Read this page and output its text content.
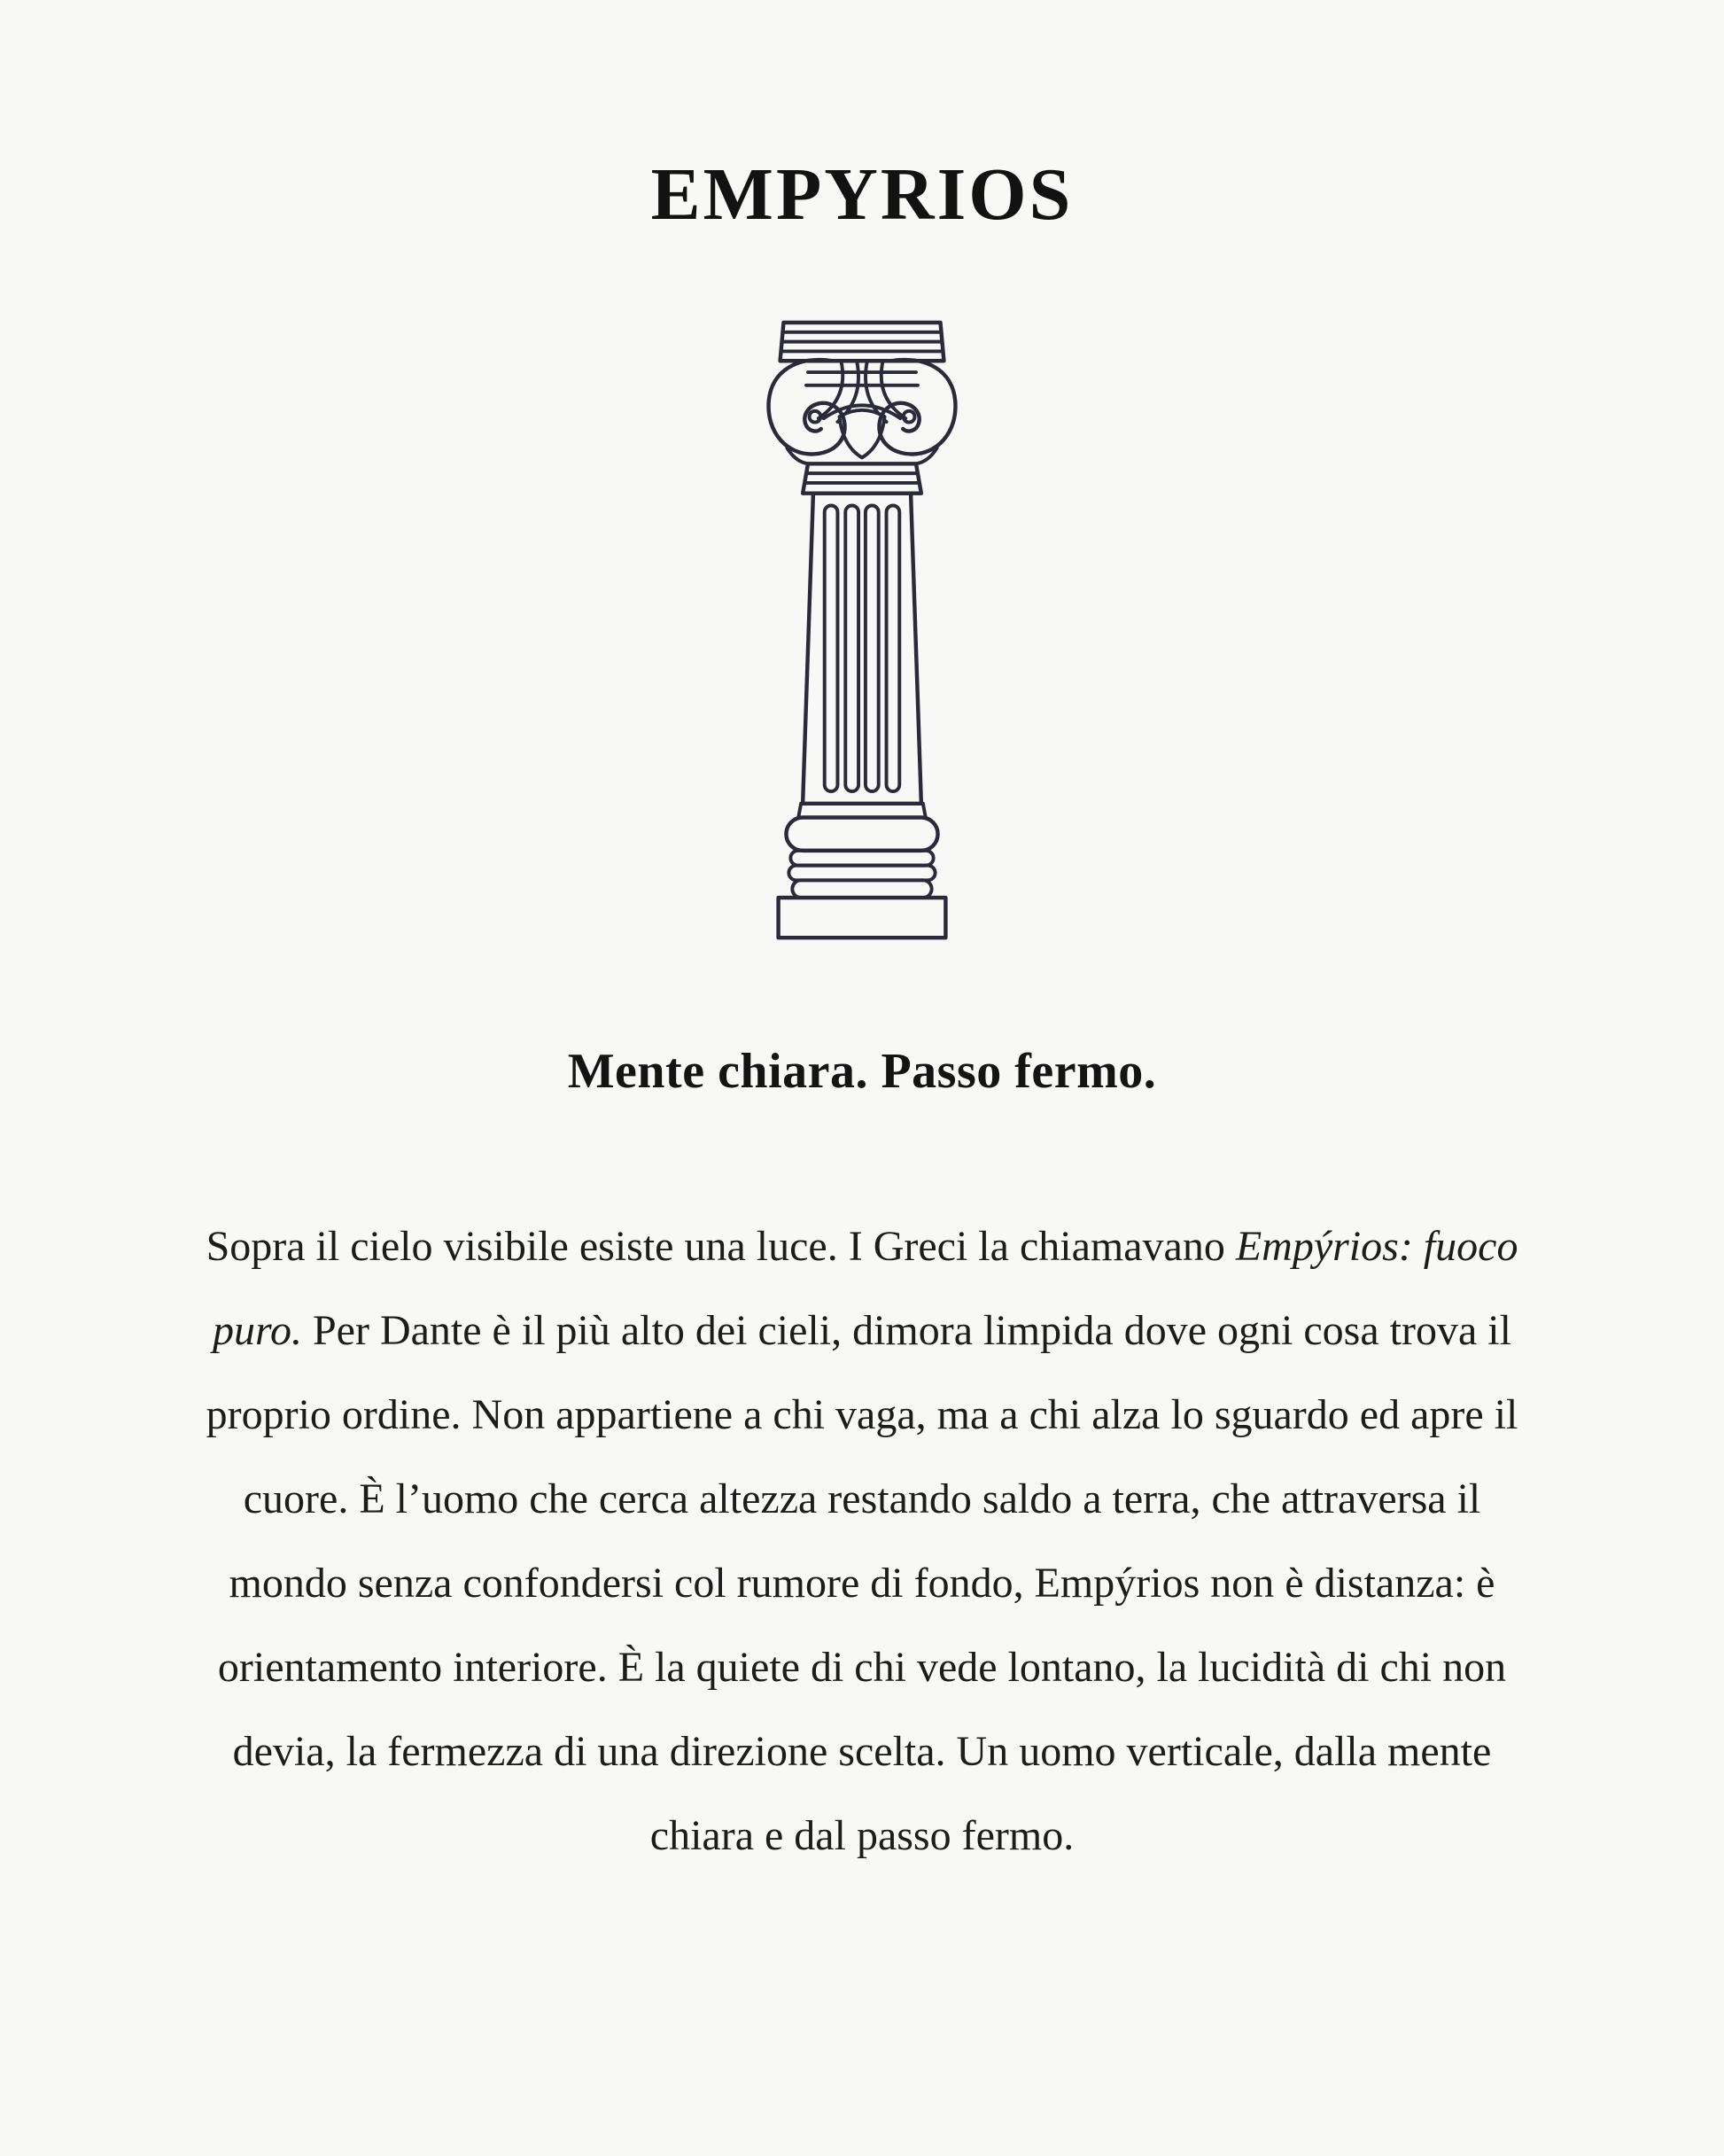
EMPYRIOS
Mente chiara. Passo fermo.

Sopra il cielo visibile esiste una luce. I Greci la chiamavano Empýrios: fuoco puro. Per Dante è il più alto dei cieli, dimora limpida dove ogni cosa trova il proprio ordine. Non appartiene a chi vaga, ma a chi alza lo sguardo ed apre il cuore. È l’uomo che cerca altezza restando saldo a terra, che attraversa il mondo senza confondersi col rumore di fondo, Empýrios non è distanza: è orientamento interiore. È la quiete di chi vede lontano, la lucidità di chi non devia, la fermezza di una direzione scelta. Un uomo verticale, dalla mente chiara e dal passo fermo.
